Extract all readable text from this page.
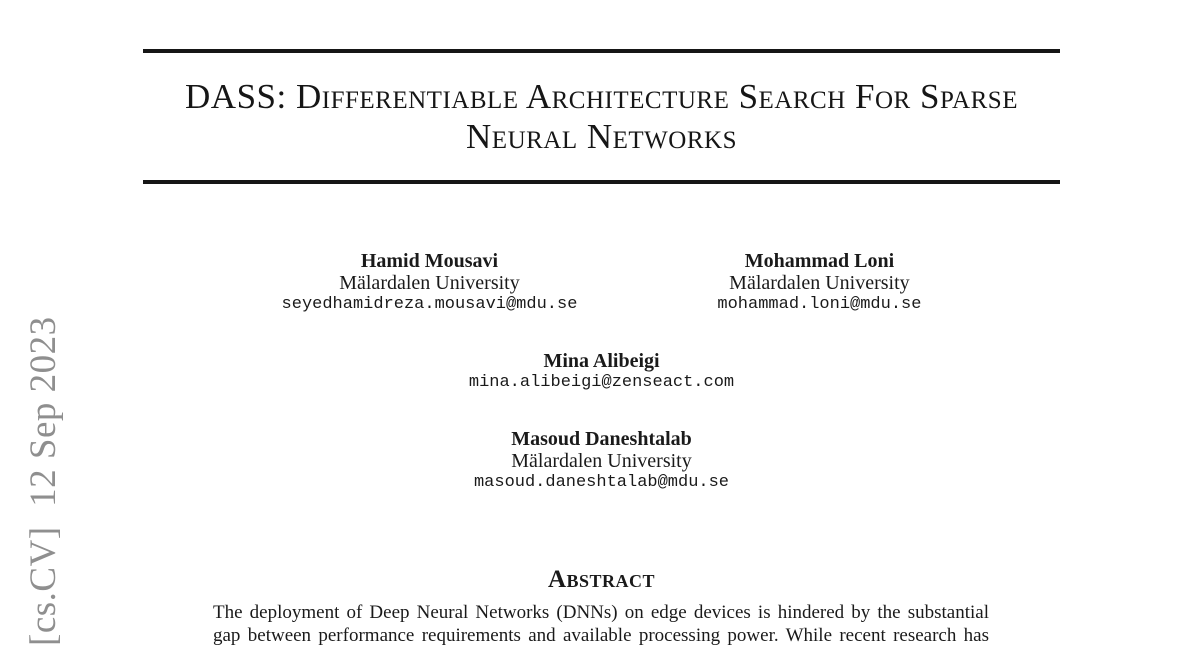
[cs.CV]  12 Sep 2023
DASS: Differentiable Architecture Search For Sparse
Neural Networks
Hamid Mousavi
Mälardalen University
seyedhamidreza.mousavi@mdu.se
Mohammad Loni
Mälardalen University
mohammad.loni@mdu.se
Mina Alibeigi
mina.alibeigi@zenseact.com
Masoud Daneshtalab
Mälardalen University
masoud.daneshtalab@mdu.se
Abstract
The deployment of Deep Neural Networks (DNNs) on edge devices is hindered by the substantial
gap between performance requirements and available processing power. While recent research has
